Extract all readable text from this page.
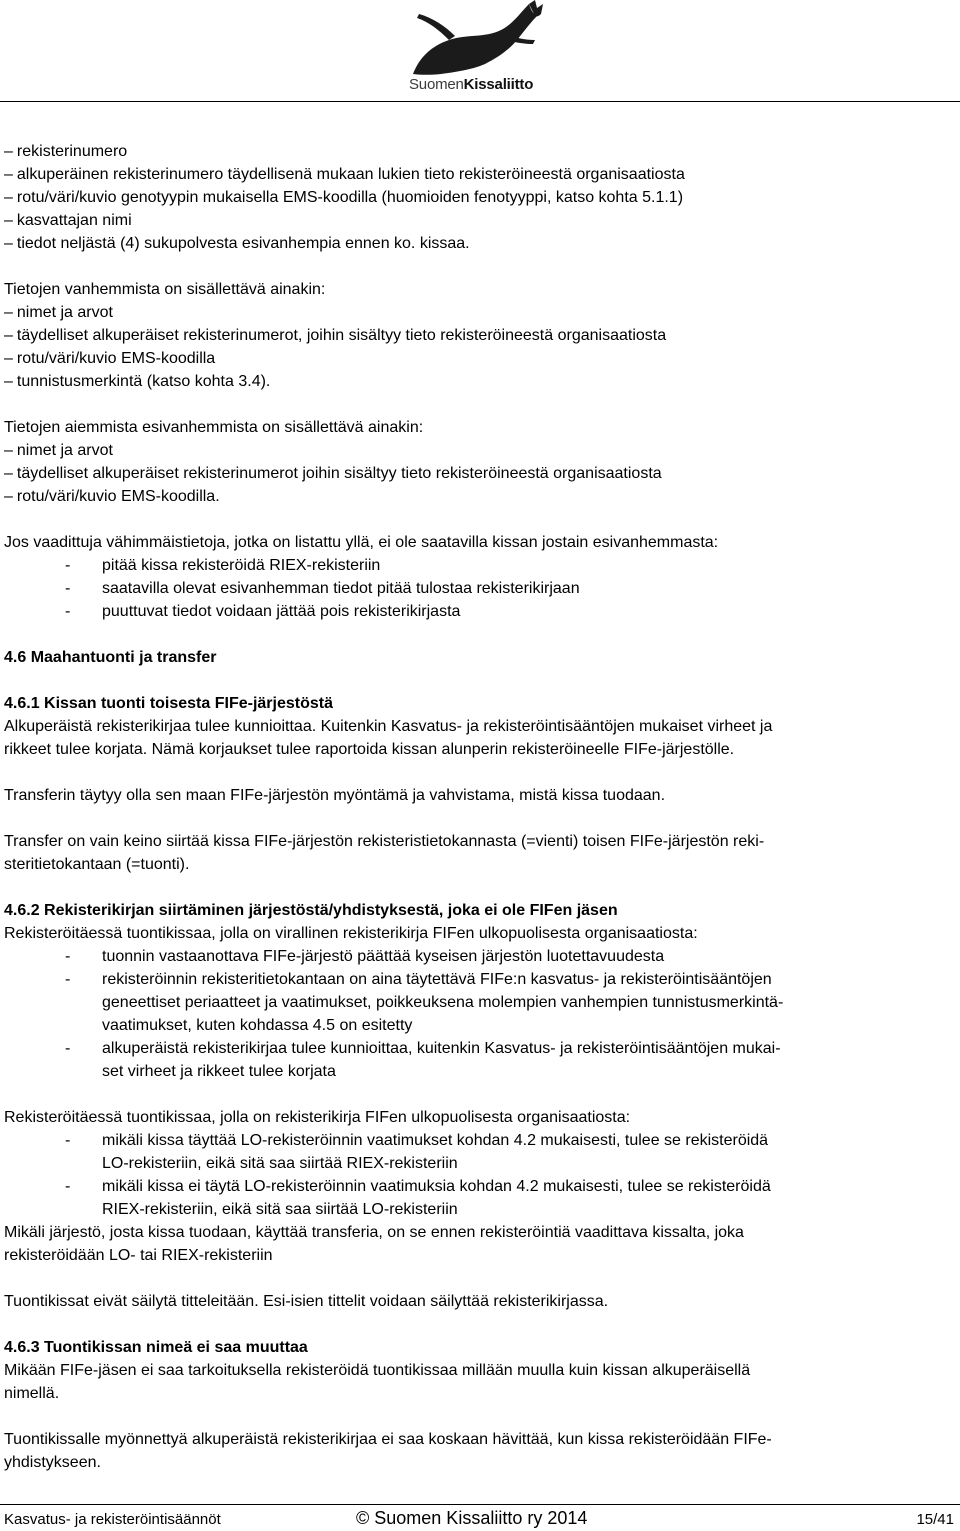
SuomenKissaliitto
– rekisterinumero
– alkuperäinen rekisterinumero täydellisenä mukaan lukien tieto rekisteröineestä organisaatiosta
– rotu/väri/kuvio genotyypin mukaisella EMS-koodilla (huomioiden fenotyyppi, katso kohta 5.1.1)
– kasvattajan nimi
– tiedot neljästä (4) sukupolvesta esivanhempia ennen ko. kissaa.

Tietojen vanhemmista on sisällettävä ainakin:

– nimet ja arvot
– täydelliset alkuperäiset rekisterinumerot, joihin sisältyy tieto rekisteröineestä organisaatiosta
– rotu/väri/kuvio EMS-koodilla
– tunnistusmerkintä (katso kohta 3.4).

Tietojen aiemmista esivanhemmista on sisällettävä ainakin:

– nimet ja arvot
– täydelliset alkuperäiset rekisterinumerot joihin sisältyy tieto rekisteröineestä organisaatiosta
– rotu/väri/kuvio EMS-koodilla.

Jos vaadittuja vähimmäistietoja, jotka on listattu yllä, ei ole saatavilla kissan jostain esivanhemmasta:

-	pitää kissa rekisteröidä RIEX-rekisteriin
-	saatavilla olevat esivanhemman tiedot pitää tulostaa rekisterikirjaan
-	puuttuvat tiedot voidaan jättää pois rekisterikirjasta

4.6 Maahantuonti ja transfer

4.6.1 Kissan tuonti toisesta FIFe-järjestöstä

Alkuperäistä rekisterikirjaa tulee kunnioittaa. Kuitenkin Kasvatus- ja rekisteröintisääntöjen mukaiset virheet ja

rikkeet tulee korjata. Nämä korjaukset tulee raportoida kissan alunperin rekisteröineelle FIFe-järjestölle.

Transferin täytyy olla sen maan FIFe-järjestön myöntämä ja vahvistama, mistä kissa tuodaan.

Transfer on vain keino siirtää kissa FIFe-järjestön rekisteristietokannasta (=vienti) toisen FIFe-järjestön reki-

steritietokantaan (=tuonti).

4.6.2 Rekisterikirjan siirtäminen järjestöstä/yhdistyksestä, joka ei ole FIFen jäsen

Rekisteröitäessä tuontikissaa, jolla on virallinen rekisterikirja FIFen ulkopuolisesta organisaatiosta:

-	tuonnin vastaanottava FIFe-järjestö päättää kyseisen järjestön luotettavuudesta
-	rekisteröinnin rekisteritietokantaan on aina täytettävä FIFe:n kasvatus- ja rekisteröintisääntöjen
geneettiset periaatteet ja vaatimukset, poikkeuksena molempien vanhempien tunnistusmerkintä-
vaatimukset, kuten kohdassa 4.5 on esitetty
-	alkuperäistä rekisterikirjaa tulee kunnioittaa, kuitenkin Kasvatus- ja rekisteröintisääntöjen mukai-
set virheet ja rikkeet tulee korjata

Rekisteröitäessä tuontikissaa, jolla on rekisterikirja FIFen ulkopuolisesta organisaatiosta:

-	mikäli kissa täyttää LO-rekisteröinnin vaatimukset kohdan 4.2 mukaisesti, tulee se rekisteröidä
LO-rekisteriin, eikä sitä saa siirtää RIEX-rekisteriin
-	mikäli kissa ei täytä LO-rekisteröinnin vaatimuksia kohdan 4.2 mukaisesti, tulee se rekisteröidä
RIEX-rekisteriin, eikä sitä saa siirtää LO-rekisteriin

Mikäli järjestö, josta kissa tuodaan, käyttää transferia, on se ennen rekisteröintiä vaadittava kissalta, joka

rekisteröidään LO- tai RIEX-rekisteriin

Tuontikissat eivät säilytä titteleitään. Esi-isien tittelit voidaan säilyttää rekisterikirjassa.

4.6.3 Tuontikissan nimeä ei saa muuttaa

Mikään FIFe-jäsen ei saa tarkoituksella rekisteröidä tuontikissaa millään muulla kuin kissan alkuperäisellä

nimellä.

Tuontikissalle myönnettyä alkuperäistä rekisterikirjaa ei saa koskaan hävittää, kun kissa rekisteröidään FIFe-

yhdistykseen.

Kasvatus- ja rekisteröintisäännöt	© Suomen Kissaliitto ry 2014	15/41
